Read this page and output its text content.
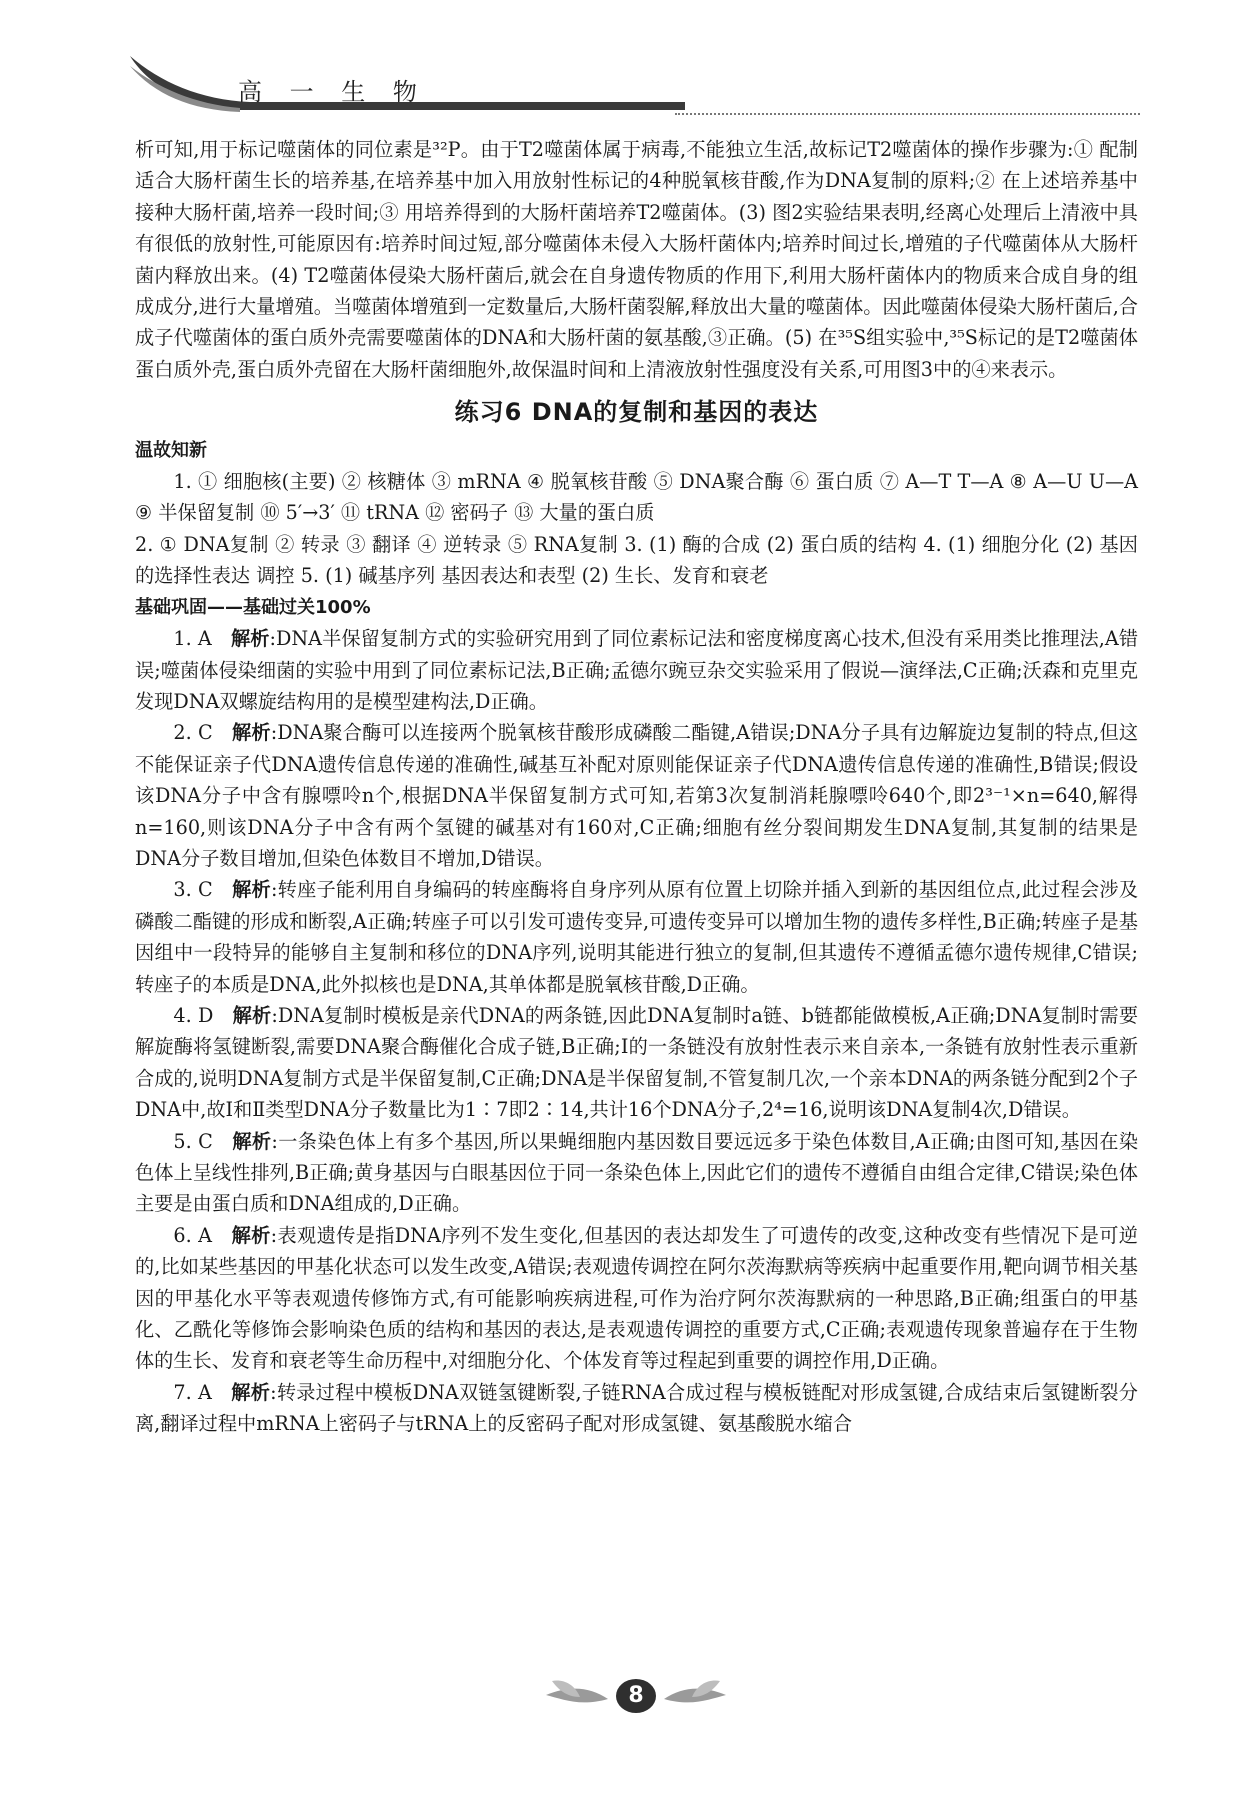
高 一 生 物

析可知,用于标记噬菌体的同位素是³²P。由于T2噬菌体属于病毒,不能独立生活,故标记T2噬菌体的操作步骤为:① 配制适合大肠杆菌生长的培养基,在培养基中加入用放射性标记的4种脱氧核苷酸,作为DNA复制的原料;② 在上述培养基中接种大肠杆菌,培养一段时间;③ 用培养得到的大肠杆菌培养T2噬菌体。(3) 图2实验结果表明,经离心处理后上清液中具有很低的放射性,可能原因有:培养时间过短,部分噬菌体未侵入大肠杆菌体内;培养时间过长,增殖的子代噬菌体从大肠杆菌内释放出来。(4) T2噬菌体侵染大肠杆菌后,就会在自身遗传物质的作用下,利用大肠杆菌体内的物质来合成自身的组成成分,进行大量增殖。当噬菌体增殖到一定数量后,大肠杆菌裂解,释放出大量的噬菌体。因此噬菌体侵染大肠杆菌后,合成子代噬菌体的蛋白质外壳需要噬菌体的DNA和大肠杆菌的氨基酸,③正确。(5) 在³⁵S组实验中,³⁵S标记的是T2噬菌体蛋白质外壳,蛋白质外壳留在大肠杆菌细胞外,故保温时间和上清液放射性强度没有关系,可用图3中的④来表示。

练习6 DNA的复制和基因的表达
温故知新

1. ① 细胞核(主要) ② 核糖体 ③ mRNA ④ 脱氧核苷酸 ⑤ DNA聚合酶 ⑥ 蛋白质 ⑦ A—T T—A ⑧ A—U U—A ⑨ 半保留复制 ⑩ 5′→3′ ⑪ tRNA ⑫ 密码子 ⑬ 大量的蛋白质

2. ① DNA复制 ② 转录 ③ 翻译 ④ 逆转录 ⑤ RNA复制 3. (1) 酶的合成 (2) 蛋白质的结构 4. (1) 细胞分化 (2) 基因的选择性表达 调控 5. (1) 碱基序列 基因表达和表型 (2) 生长、发育和衰老

基础巩固——基础过关100%

1. A  解析:DNA半保留复制方式的实验研究用到了同位素标记法和密度梯度离心技术,但没有采用类比推理法,A错误;噬菌体侵染细菌的实验中用到了同位素标记法,B正确;孟德尔豌豆杂交实验采用了假说—演绎法,C正确;沃森和克里克发现DNA双螺旋结构用的是模型建构法,D正确。

2. C  解析:DNA聚合酶可以连接两个脱氧核苷酸形成磷酸二酯键,A错误;DNA分子具有边解旋边复制的特点,但这不能保证亲子代DNA遗传信息传递的准确性,碱基互补配对原则能保证亲子代DNA遗传信息传递的准确性,B错误;假设该DNA分子中含有腺嘌呤n个,根据DNA半保留复制方式可知,若第3次复制消耗腺嘌呤640个,即2³⁻¹×n=640,解得n=160,则该DNA分子中含有两个氢键的碱基对有160对,C正确;细胞有丝分裂间期发生DNA复制,其复制的结果是DNA分子数目增加,但染色体数目不增加,D错误。

3. C  解析:转座子能利用自身编码的转座酶将自身序列从原有位置上切除并插入到新的基因组位点,此过程会涉及磷酸二酯键的形成和断裂,A正确;转座子可以引发可遗传变异,可遗传变异可以增加生物的遗传多样性,B正确;转座子是基因组中一段特异的能够自主复制和移位的DNA序列,说明其能进行独立的复制,但其遗传不遵循孟德尔遗传规律,C错误;转座子的本质是DNA,此外拟核也是DNA,其单体都是脱氧核苷酸,D正确。

4. D  解析:DNA复制时模板是亲代DNA的两条链,因此DNA复制时a链、b链都能做模板,A正确;DNA复制时需要解旋酶将氢键断裂,需要DNA聚合酶催化合成子链,B正确;Ⅰ的一条链没有放射性表示来自亲本,一条链有放射性表示重新合成的,说明DNA复制方式是半保留复制,C正确;DNA是半保留复制,不管复制几次,一个亲本DNA的两条链分配到2个子DNA中,故Ⅰ和Ⅱ类型DNA分子数量比为1∶7即2∶14,共计16个DNA分子,2⁴=16,说明该DNA复制4次,D错误。

5. C  解析:一条染色体上有多个基因,所以果蝇细胞内基因数目要远远多于染色体数目,A正确;由图可知,基因在染色体上呈线性排列,B正确;黄身基因与白眼基因位于同一条染色体上,因此它们的遗传不遵循自由组合定律,C错误;染色体主要是由蛋白质和DNA组成的,D正确。

6. A  解析:表观遗传是指DNA序列不发生变化,但基因的表达却发生了可遗传的改变,这种改变有些情况下是可逆的,比如某些基因的甲基化状态可以发生改变,A错误;表观遗传调控在阿尔茨海默病等疾病中起重要作用,靶向调节相关基因的甲基化水平等表观遗传修饰方式,有可能影响疾病进程,可作为治疗阿尔茨海默病的一种思路,B正确;组蛋白的甲基化、乙酰化等修饰会影响染色质的结构和基因的表达,是表观遗传调控的重要方式,C正确;表观遗传现象普遍存在于生物体的生长、发育和衰老等生命历程中,对细胞分化、个体发育等过程起到重要的调控作用,D正确。

7. A  解析:转录过程中模板DNA双链氢键断裂,子链RNA合成过程与模板链配对形成氢键,合成结束后氢键断裂分离,翻译过程中mRNA上密码子与tRNA上的反密码子配对形成氢键、氨基酸脱水缩合

8
